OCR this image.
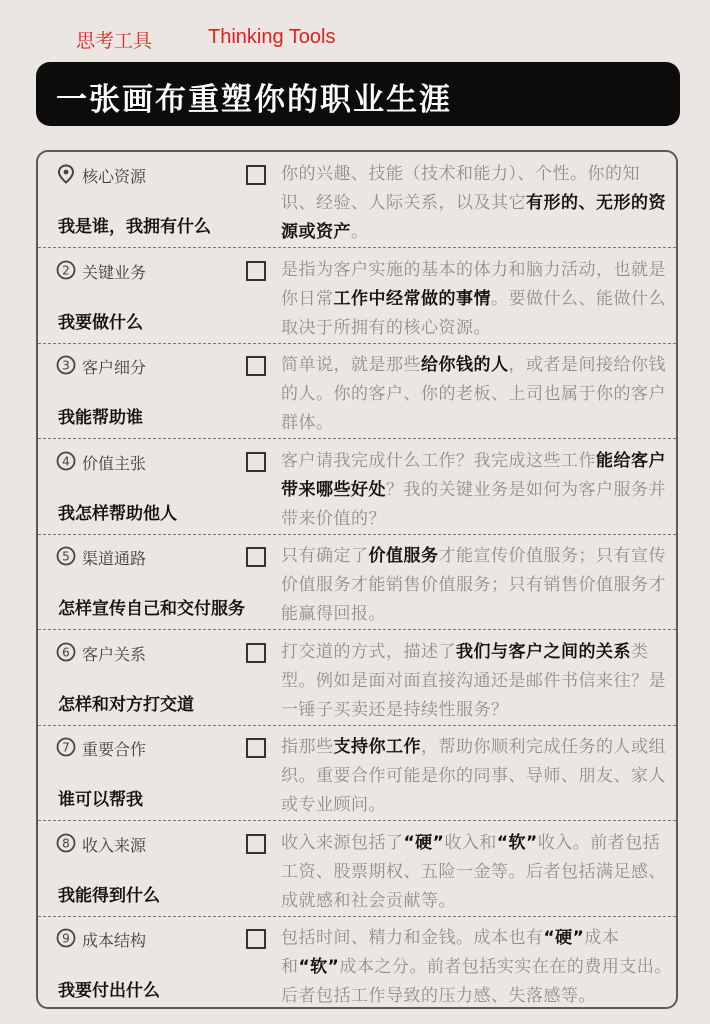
思考工具	Thinking Tools
一张画布重塑你的职业生涯
核心资源
我是谁，我拥有什么
你的兴趣、技能（技术和能力）、个性。你的知识、经验、人际关系，以及其它有形的、无形的资源或资产。
2 关键业务
我要做什么
是指为客户实施的基本的体力和脑力活动，也就是你日常工作中经常做的事情。要做什么、能做什么取决于所拥有的核心资源。
3 客户细分
我能帮助谁
简单说，就是那些给你钱的人，或者是间接给你钱的人。你的客户、你的老板、上司也属于你的客户群体。
4 价值主张
我怎样帮助他人
客户请我完成什么工作？我完成这些工作能给客户带来哪些好处？我的关键业务是如何为客户服务并带来价值的？
5 渠道通路
怎样宣传自己和交付服务
只有确定了价值服务才能宣传价值服务；只有宣传价值服务才能销售价值服务；只有销售价值服务才能赢得回报。
6 客户关系
怎样和对方打交道
打交道的方式，描述了我们与客户之间的关系类型。例如是面对面直接沟通还是邮件书信来往？是一锤子买卖还是持续性服务？
7 重要合作
谁可以帮我
指那些支持你工作，帮助你顺利完成任务的人或组织。重要合作可能是你的同事、导师、朋友、家人或专业顾问。
8 收入来源
我能得到什么
收入来源包括了“硬”收入和“软”收入。前者包括工资、股票期权、五险一金等。后者包括满足感、成就感和社会贡献等。
9 成本结构
我要付出什么
包括时间、精力和金钱。成本也有“硬”成本和“软”成本之分。前者包括实实在在的费用支出。后者包括工作导致的压力感、失落感等。
